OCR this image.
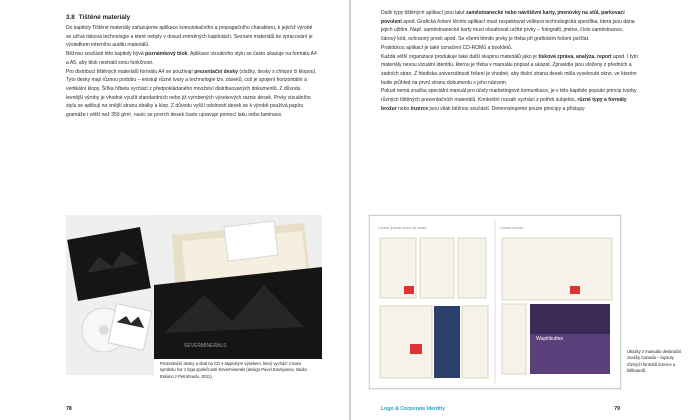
3.8 Tištěné materiály

Do kapitoly Tištěné materiály zařazujeme aplikace komunikačního a propagačního charakteru, k jejichž výrobě se užívá tisková technologie a které nebyly v dosud zmíněných kapitolách. Seznam materiálů ke zpracování je výsledkem interního auditu materiálů.

Běžnou součástí této kapitoly bývá poznámkový blok. Aplikace vizuálního stylu se často ukazuje na formátu A4 a A5, aby blok neztratil svou funkčnost.

Pro distribuci tištěných materiálů formátu A4 se používají prezentační desky (složky, desky s chlopní či klopou). Tyto desky mají různou podobu – existují různé tvary a technologie tzv. záseků, což je spojení horizontální a vertikální klopy. Šířka hřbetu vychází z předpokládaného množství distribuovaných dokumentů. Z důvodu levnější výroby je vhodné využít standardních nebo již vyrobených výsekových raznic desek. Prvky vizuálního stylu se aplikují na vnější stranu obálky a klop. Z důvodu vyšší odolnosti desek se k výrobě používá papíru gramáže i větší než 350 g/m², navíc se povrch desek často upravuje pomocí laku nebo laminace.

SEVERMINERALS
Prezentační desky a obal na CD s atypickým výsekem, který vychází z tvaru symbolu hor z loga společnosti Severminerals (design Pavel Emelyanov, studio Eskimo z Petrohradu, 2011).
78

Další typy tištěných aplikací jsou také zaměstnanecké nebo návštěvní karty, jmenovky na stůl, parkovací povolení apod. Grafická řešení těchto aplikací musí respektovat veškerá technologická specifika, která jsou dána jejich užitím. Např. zaměstnanecké karty musí obsahovat určité prvky – fotografii, jméno, číslo zaměstnance, čárový kód, ochranný prvek apod. Se všemi těmito prvky je třeba při grafickém řešení počítat.

Praktickou aplikací je také označení CD-ROMů a bookletů.

Každá větší organizace produkuje také další skupinu materiálů jako je tisková zpráva, analýza, report apod. I tyto materiály nesou vizuální identitu, kterou je třeba v manuálu popsat a ukázat. Zpravidla jsou složeny z předních a zadních stran. Z hlediska univerzálnosti řešení je vhodné, aby titulní strana desek měla vyseknuté okno, ve kterém bude průhled na první stranu dokumentu s jeho názvem.

Pokud nemá značka speciální manuál pro účely marketingové komunikace, je v této kapitole popsán princip tvorby různých tištěných prezentačních materiálů. Konkrétní rozsah vychází z potřeb subjektu, různé typy a formáty brožur nebo inzerce jsou však běžnou součástí. Demonstrujeme pouze principy a přístupy

Lorem ipsum dolor sit amet	Lorem ipsum
Wapitikuttes
Ukázky z manuálu destinační značky Canada – layouty různých formátů inzerce a billboardů.
Logo & Corporate Identity	79
